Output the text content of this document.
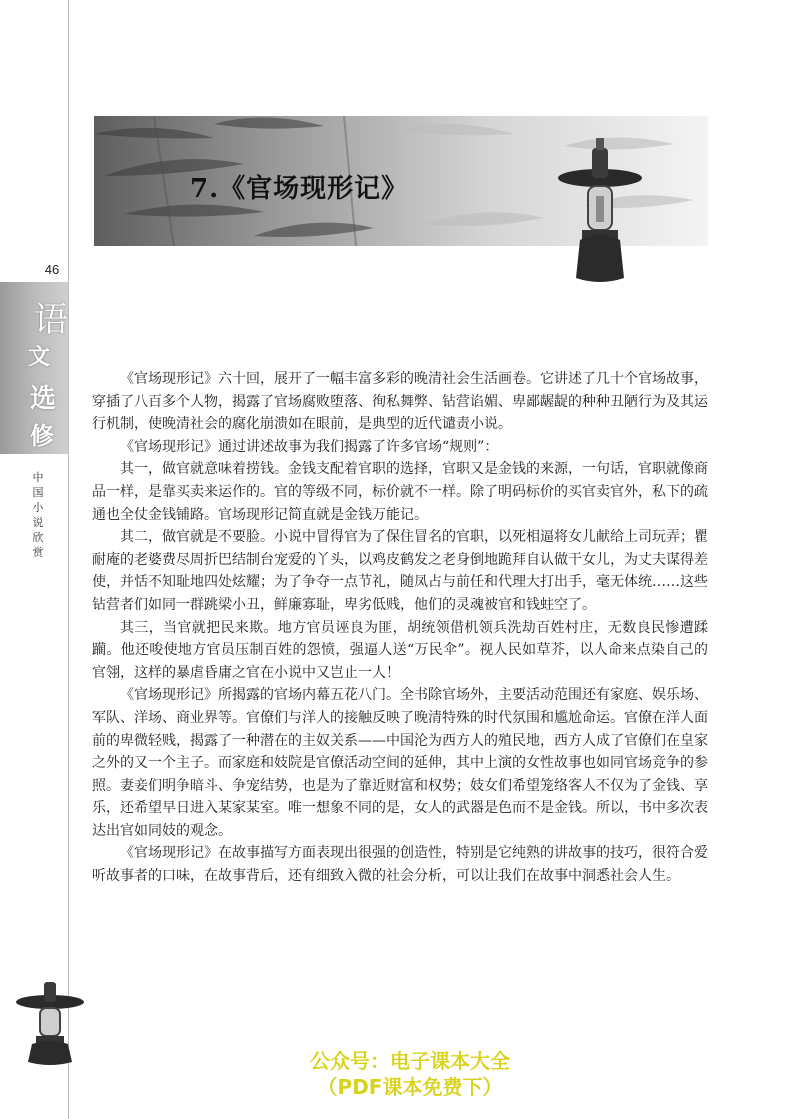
46
语
文
选
修
中国小说欣赏
7.《官场现形记》

《官场现形记》六十回，展开了一幅丰富多彩的晚清社会生活画卷。它讲述了几十个官场故事，穿插了八百多个人物，揭露了官场腐败堕落、徇私舞弊、钻营谄媚、卑鄙龌龊的种种丑陋行为及其运行机制，使晚清社会的腐化崩溃如在眼前，是典型的近代谴责小说。

《官场现形记》通过讲述故事为我们揭露了许多官场“规则”：

其一，做官就意味着捞钱。金钱支配着官职的选择，官职又是金钱的来源，一句话，官职就像商品一样，是靠买卖来运作的。官的等级不同，标价就不一样。除了明码标价的买官卖官外，私下的疏通也全仗金钱铺路。官场现形记简直就是金钱万能记。

其二，做官就是不要脸。小说中冒得官为了保住冒名的官职，以死相逼将女儿献给上司玩弄；瞿耐庵的老婆费尽周折巴结制台宠爱的丫头，以鸡皮鹤发之老身倒地跪拜自认做干女儿，为丈夫谋得差使，并恬不知耻地四处炫耀；为了争夺一点节礼，随凤占与前任和代理大打出手，毫无体统……这些钻营者们如同一群跳梁小丑，鲜廉寡耻，卑劣低贱，他们的灵魂被官和钱蛀空了。

其三，当官就把民来欺。地方官员诬良为匪，胡统领借机领兵洗劫百姓村庄，无数良民惨遭蹂躏。他还唆使地方官员压制百姓的怨愤，强逼人送“万民伞”。视人民如草芥，以人命来点染自己的官翎，这样的暴虐昏庸之官在小说中又岂止一人！

《官场现形记》所揭露的官场内幕五花八门。全书除官场外，主要活动范围还有家庭、娱乐场、军队、洋场、商业界等。官僚们与洋人的接触反映了晚清特殊的时代氛围和尴尬命运。官僚在洋人面前的卑微轻贱，揭露了一种潜在的主奴关系——中国沦为西方人的殖民地，西方人成了官僚们在皇家之外的又一个主子。而家庭和妓院是官僚活动空间的延伸，其中上演的女性故事也如同官场竞争的参照。妻妾们明争暗斗、争宠结势，也是为了靠近财富和权势；妓女们希望笼络客人不仅为了金钱、享乐，还希望早日进入某家某室。唯一想象不同的是，女人的武器是色而不是金钱。所以，书中多次表达出官如同妓的观念。

《官场现形记》在故事描写方面表现出很强的创造性，特别是它纯熟的讲故事的技巧，很符合爱听故事者的口味，在故事背后，还有细致入微的社会分析，可以让我们在故事中洞悉社会人生。

公众号：电子课本大全
（PDF课本免费下）
